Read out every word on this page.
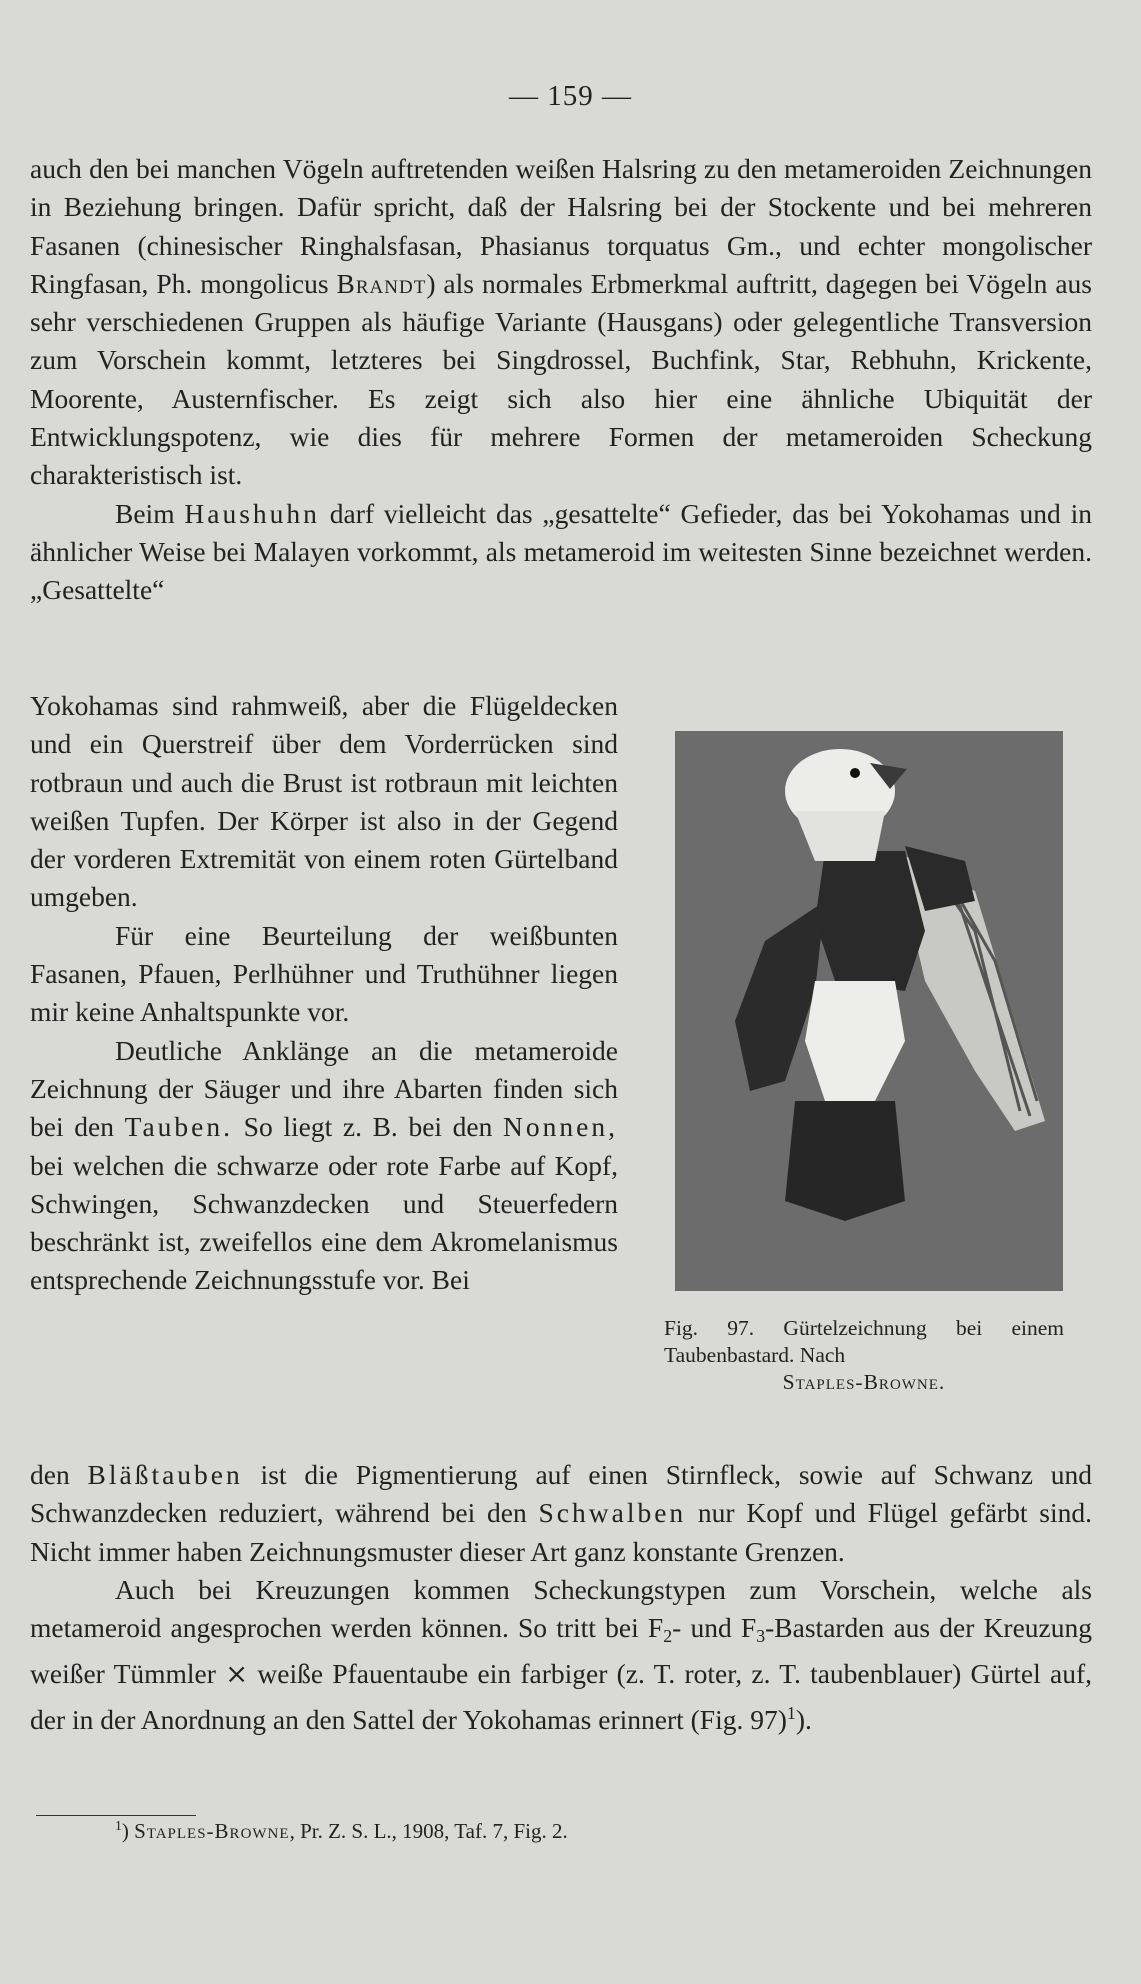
— 159 —

auch den bei manchen Vögeln auftretenden weißen Halsring zu den metameroiden Zeichnungen in Beziehung bringen. Dafür spricht, daß der Halsring bei der Stockente und bei mehreren Fasanen (chinesischer Ringhalsfasan, Phasianus torquatus Gm., und echter mongolischer Ringfasan, Ph. mongolicus Brandt) als normales Erbmerkmal auftritt, dagegen bei Vögeln aus sehr verschiedenen Gruppen als häufige Variante (Hausgans) oder gelegentliche Transversion zum Vorschein kommt, letzteres bei Singdrossel, Buchfink, Star, Rebhuhn, Krickente, Moorente, Austernfischer. Es zeigt sich also hier eine ähnliche Ubiquität der Entwicklungspotenz, wie dies für mehrere Formen der metameroiden Scheckung charakteristisch ist.

Beim Haushuhn darf vielleicht das „gesattelte“ Gefieder, das bei Yokohamas und in ähnlicher Weise bei Malayen vorkommt, als metameroid im weitesten Sinne bezeichnet werden. „Gesattelte“

Yokohamas sind rahmweiß, aber die Flügeldecken und ein Querstreif über dem Vorderrücken sind rotbraun und auch die Brust ist rotbraun mit leichten weißen Tupfen. Der Körper ist also in der Gegend der vorderen Extremität von einem roten Gürtelband umgeben.

Für eine Beurteilung der weißbunten Fasanen, Pfauen, Perlhühner und Truthühner liegen mir keine Anhaltspunkte vor.

Deutliche Anklänge an die metameroide Zeichnung der Säuger und ihre Abarten finden sich bei den Tauben. So liegt z. B. bei den Nonnen, bei welchen die schwarze oder rote Farbe auf Kopf, Schwingen, Schwanzdecken und Steuerfedern beschränkt ist, zweifellos eine dem Akromelanismus entsprechende Zeichnungsstufe vor. Bei

den Bläßtauben ist die Pigmentierung auf einen Stirnfleck, sowie auf Schwanz und Schwanzdecken reduziert, während bei den Schwalben nur Kopf und Flügel gefärbt sind. Nicht immer haben Zeichnungsmuster dieser Art ganz konstante Grenzen.

Auch bei Kreuzungen kommen Scheckungstypen zum Vorschein, welche als metameroid angesprochen werden können. So tritt bei $F_2-$ und $F_3$-Bastarden aus der Kreuzung weißer Tümmler ⨯ weiße Pfauentaube ein farbiger (z. T. roter, z. T. taubenblauer) Gürtel auf, der in der Anordnung an den Sattel der Yokohamas erinnert (Fig. 97)$^1$).

Fig. 97. Gürtelzeichnung bei einem Taubenbastard. Nach
Staples-Browne.
$^1$) Staples-Browne, Pr. Z. S. L., 1908, Taf. 7, Fig. 2.
